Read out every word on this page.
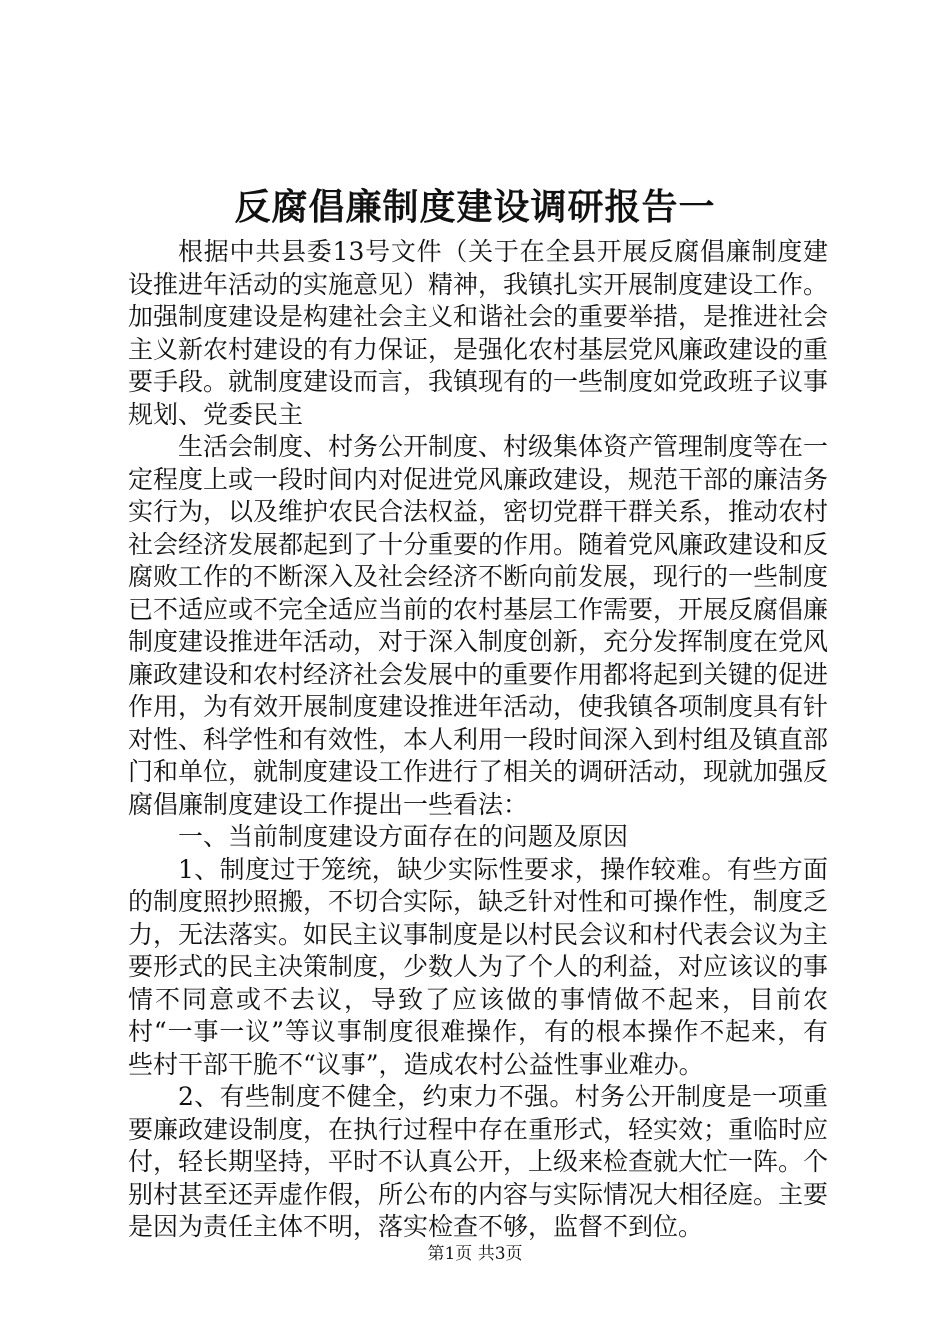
反腐倡廉制度建设调研报告一

根据中共县委13号文件（关于在全县开展反腐倡廉制度建设推进年活动的实施意见）精神，我镇扎实开展制度建设工作。加强制度建设是构建社会主义和谐社会的重要举措，是推进社会主义新农村建设的有力保证，是强化农村基层党风廉政建设的重要手段。就制度建设而言，我镇现有的一些制度如党政班子议事规划、党委民主

生活会制度、村务公开制度、村级集体资产管理制度等在一定程度上或一段时间内对促进党风廉政建设，规范干部的廉洁务实行为，以及维护农民合法权益，密切党群干群关系，推动农村社会经济发展都起到了十分重要的作用。随着党风廉政建设和反腐败工作的不断深入及社会经济不断向前发展，现行的一些制度已不适应或不完全适应当前的农村基层工作需要，开展反腐倡廉制度建设推进年活动，对于深入制度创新，充分发挥制度在党风廉政建设和农村经济社会发展中的重要作用都将起到关键的促进作用，为有效开展制度建设推进年活动，使我镇各项制度具有针对性、科学性和有效性，本人利用一段时间深入到村组及镇直部门和单位，就制度建设工作进行了相关的调研活动，现就加强反腐倡廉制度建设工作提出一些看法：

一、当前制度建设方面存在的问题及原因

1、制度过于笼统，缺少实际性要求，操作较难。有些方面的制度照抄照搬，不切合实际，缺乏针对性和可操作性，制度乏力，无法落实。如民主议事制度是以村民会议和村代表会议为主要形式的民主决策制度，少数人为了个人的利益，对应该议的事情不同意或不去议，导致了应该做的事情做不起来，目前农村“一事一议”等议事制度很难操作，有的根本操作不起来，有些村干部干脆不“议事”，造成农村公益性事业难办。

2、有些制度不健全，约束力不强。村务公开制度是一项重要廉政建设制度，在执行过程中存在重形式，轻实效；重临时应付，轻长期坚持，平时不认真公开，上级来检查就大忙一阵。个别村甚至还弄虚作假，所公布的内容与实际情况大相径庭。主要是因为责任主体不明，落实检查不够，监督不到位。

第1页 共3页
